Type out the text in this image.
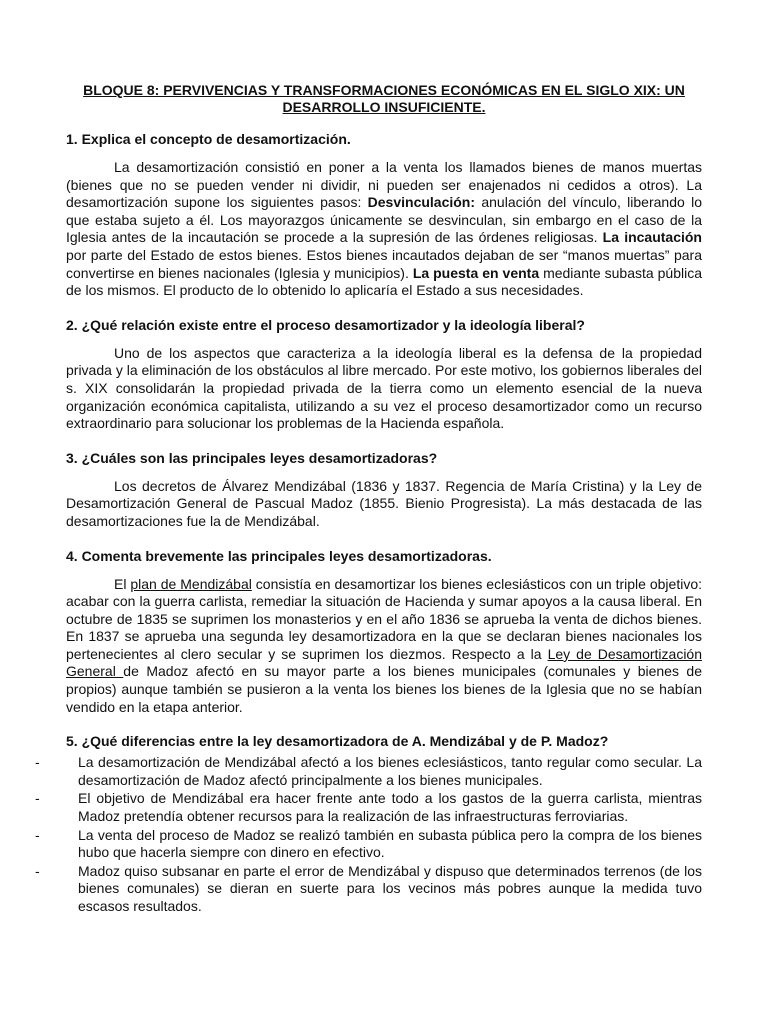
BLOQUE 8: PERVIVENCIAS Y TRANSFORMACIONES ECONÓMICAS EN EL SIGLO XIX: UN
DESARROLLO INSUFICIENTE.
1. Explica el concepto de desamortización.
La desamortización consistió en poner a la venta los llamados bienes de manos muertas (bienes que no se pueden vender ni dividir, ni pueden ser enajenados ni cedidos a otros). La desamortización supone los siguientes pasos: Desvinculación: anulación del vínculo, liberando lo que estaba sujeto a él. Los mayorazgos únicamente se desvinculan, sin embargo en el caso de la Iglesia antes de la incautación se procede a la supresión de las órdenes religiosas. La incautación por parte del Estado de estos bienes. Estos bienes incautados dejaban de ser “manos muertas” para convertirse en bienes nacionales (Iglesia y municipios). La puesta en venta mediante subasta pública de los mismos. El producto de lo obtenido lo aplicaría el Estado a sus necesidades.
2. ¿Qué relación existe entre el proceso desamortizador y la ideología liberal?
Uno de los aspectos que caracteriza a la ideología liberal es la defensa de la propiedad privada y la eliminación de los obstáculos al libre mercado. Por este motivo, los gobiernos liberales del s. XIX consolidarán la propiedad privada de la tierra como un elemento esencial de la nueva organización económica capitalista, utilizando a su vez el proceso desamortizador como un recurso extraordinario para solucionar los problemas de la Hacienda española.
3. ¿Cuáles son las principales leyes desamortizadoras?
Los decretos de Álvarez Mendizábal (1836 y 1837. Regencia de María Cristina) y la Ley de Desamortización General de Pascual Madoz (1855. Bienio Progresista). La más destacada de las desamortizaciones fue la de Mendizábal.
4. Comenta brevemente las principales leyes desamortizadoras.
El plan de Mendizábal consistía en desamortizar los bienes eclesiásticos con un triple objetivo: acabar con la guerra carlista, remediar la situación de Hacienda y sumar apoyos a la causa liberal. En octubre de 1835 se suprimen los monasterios y en el año 1836 se aprueba la venta de dichos bienes. En 1837 se aprueba una segunda ley desamortizadora en la que se declaran bienes nacionales los pertenecientes al clero secular y se suprimen los diezmos. Respecto a la Ley de Desamortización General de Madoz afectó en su mayor parte a los bienes municipales (comunales y bienes de propios) aunque también se pusieron a la venta los bienes los bienes de la Iglesia que no se habían vendido en la etapa anterior.
5. ¿Qué diferencias entre la ley desamortizadora de A. Mendizábal y de P. Madoz?
-	La desamortización de Mendizábal afectó a los bienes eclesiásticos, tanto regular como secular. La desamortización de Madoz afectó principalmente a los bienes municipales.
-	El objetivo de Mendizábal era hacer frente ante todo a los gastos de la guerra carlista, mientras Madoz pretendía obtener recursos para la realización de las infraestructuras ferroviarias.
-	La venta del proceso de Madoz se realizó también en subasta pública pero la compra de los bienes hubo que hacerla siempre con dinero en efectivo.
-	Madoz quiso subsanar en parte el error de Mendizábal y dispuso que determinados terrenos (de los bienes comunales) se dieran en suerte para los vecinos más pobres aunque la medida tuvo escasos resultados.
